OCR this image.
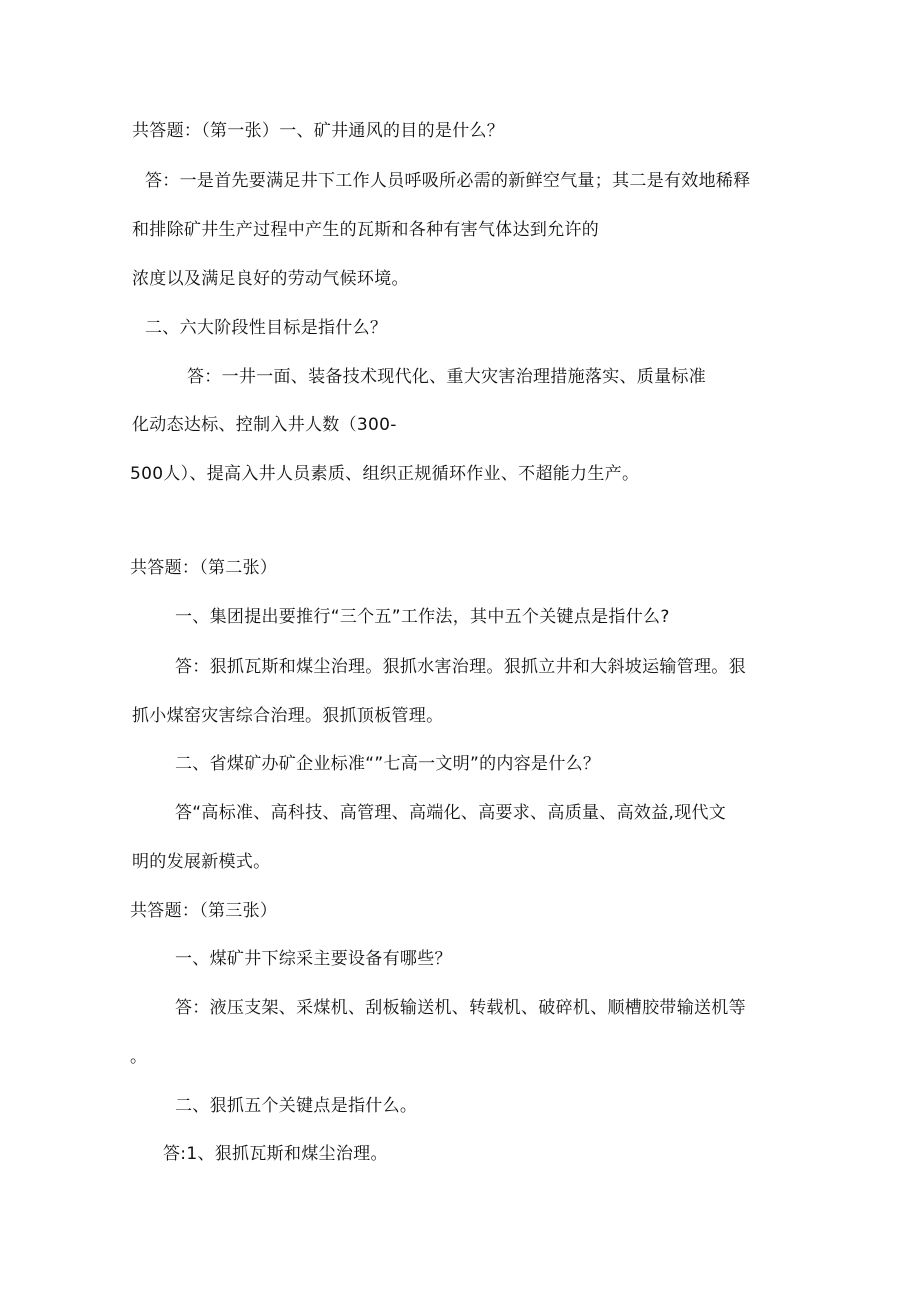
共答题：（第一张）一、矿井通风的目的是什么？
答：一是首先要满足井下工作人员呼吸所必需的新鲜空气量；其二是有效地稀释
和排除矿井生产过程中产生的瓦斯和各种有害气体达到允许的
浓度以及满足良好的劳动气候环境。
二、六大阶段性目标是指什么？
答：一井一面、装备技术现代化、重大灾害治理措施落实、质量标准
化动态达标、控制入井人数（300-
500人）、提高入井人员素质、组织正规循环作业、不超能力生产。
共答题：（第二张）
一、集团提出要推行“三个五”工作法，其中五个关键点是指什么?
答：狠抓瓦斯和煤尘治理。狠抓水害治理。狠抓立井和大斜坡运输管理。狠
抓小煤窑灾害综合治理。狠抓顶板管理。
二、省煤矿办矿企业标准“”七高一文明”的内容是什么？
答“高标准、高科技、高管理、高端化、高要求、高质量、高效益,现代文
明的发展新模式。
共答题：（第三张）
一、煤矿井下综采主要设备有哪些？
答：液压支架、采煤机、刮板输送机、转载机、破碎机、顺槽胶带输送机等
。
二、狠抓五个关键点是指什么。
答:1、狠抓瓦斯和煤尘治理。
